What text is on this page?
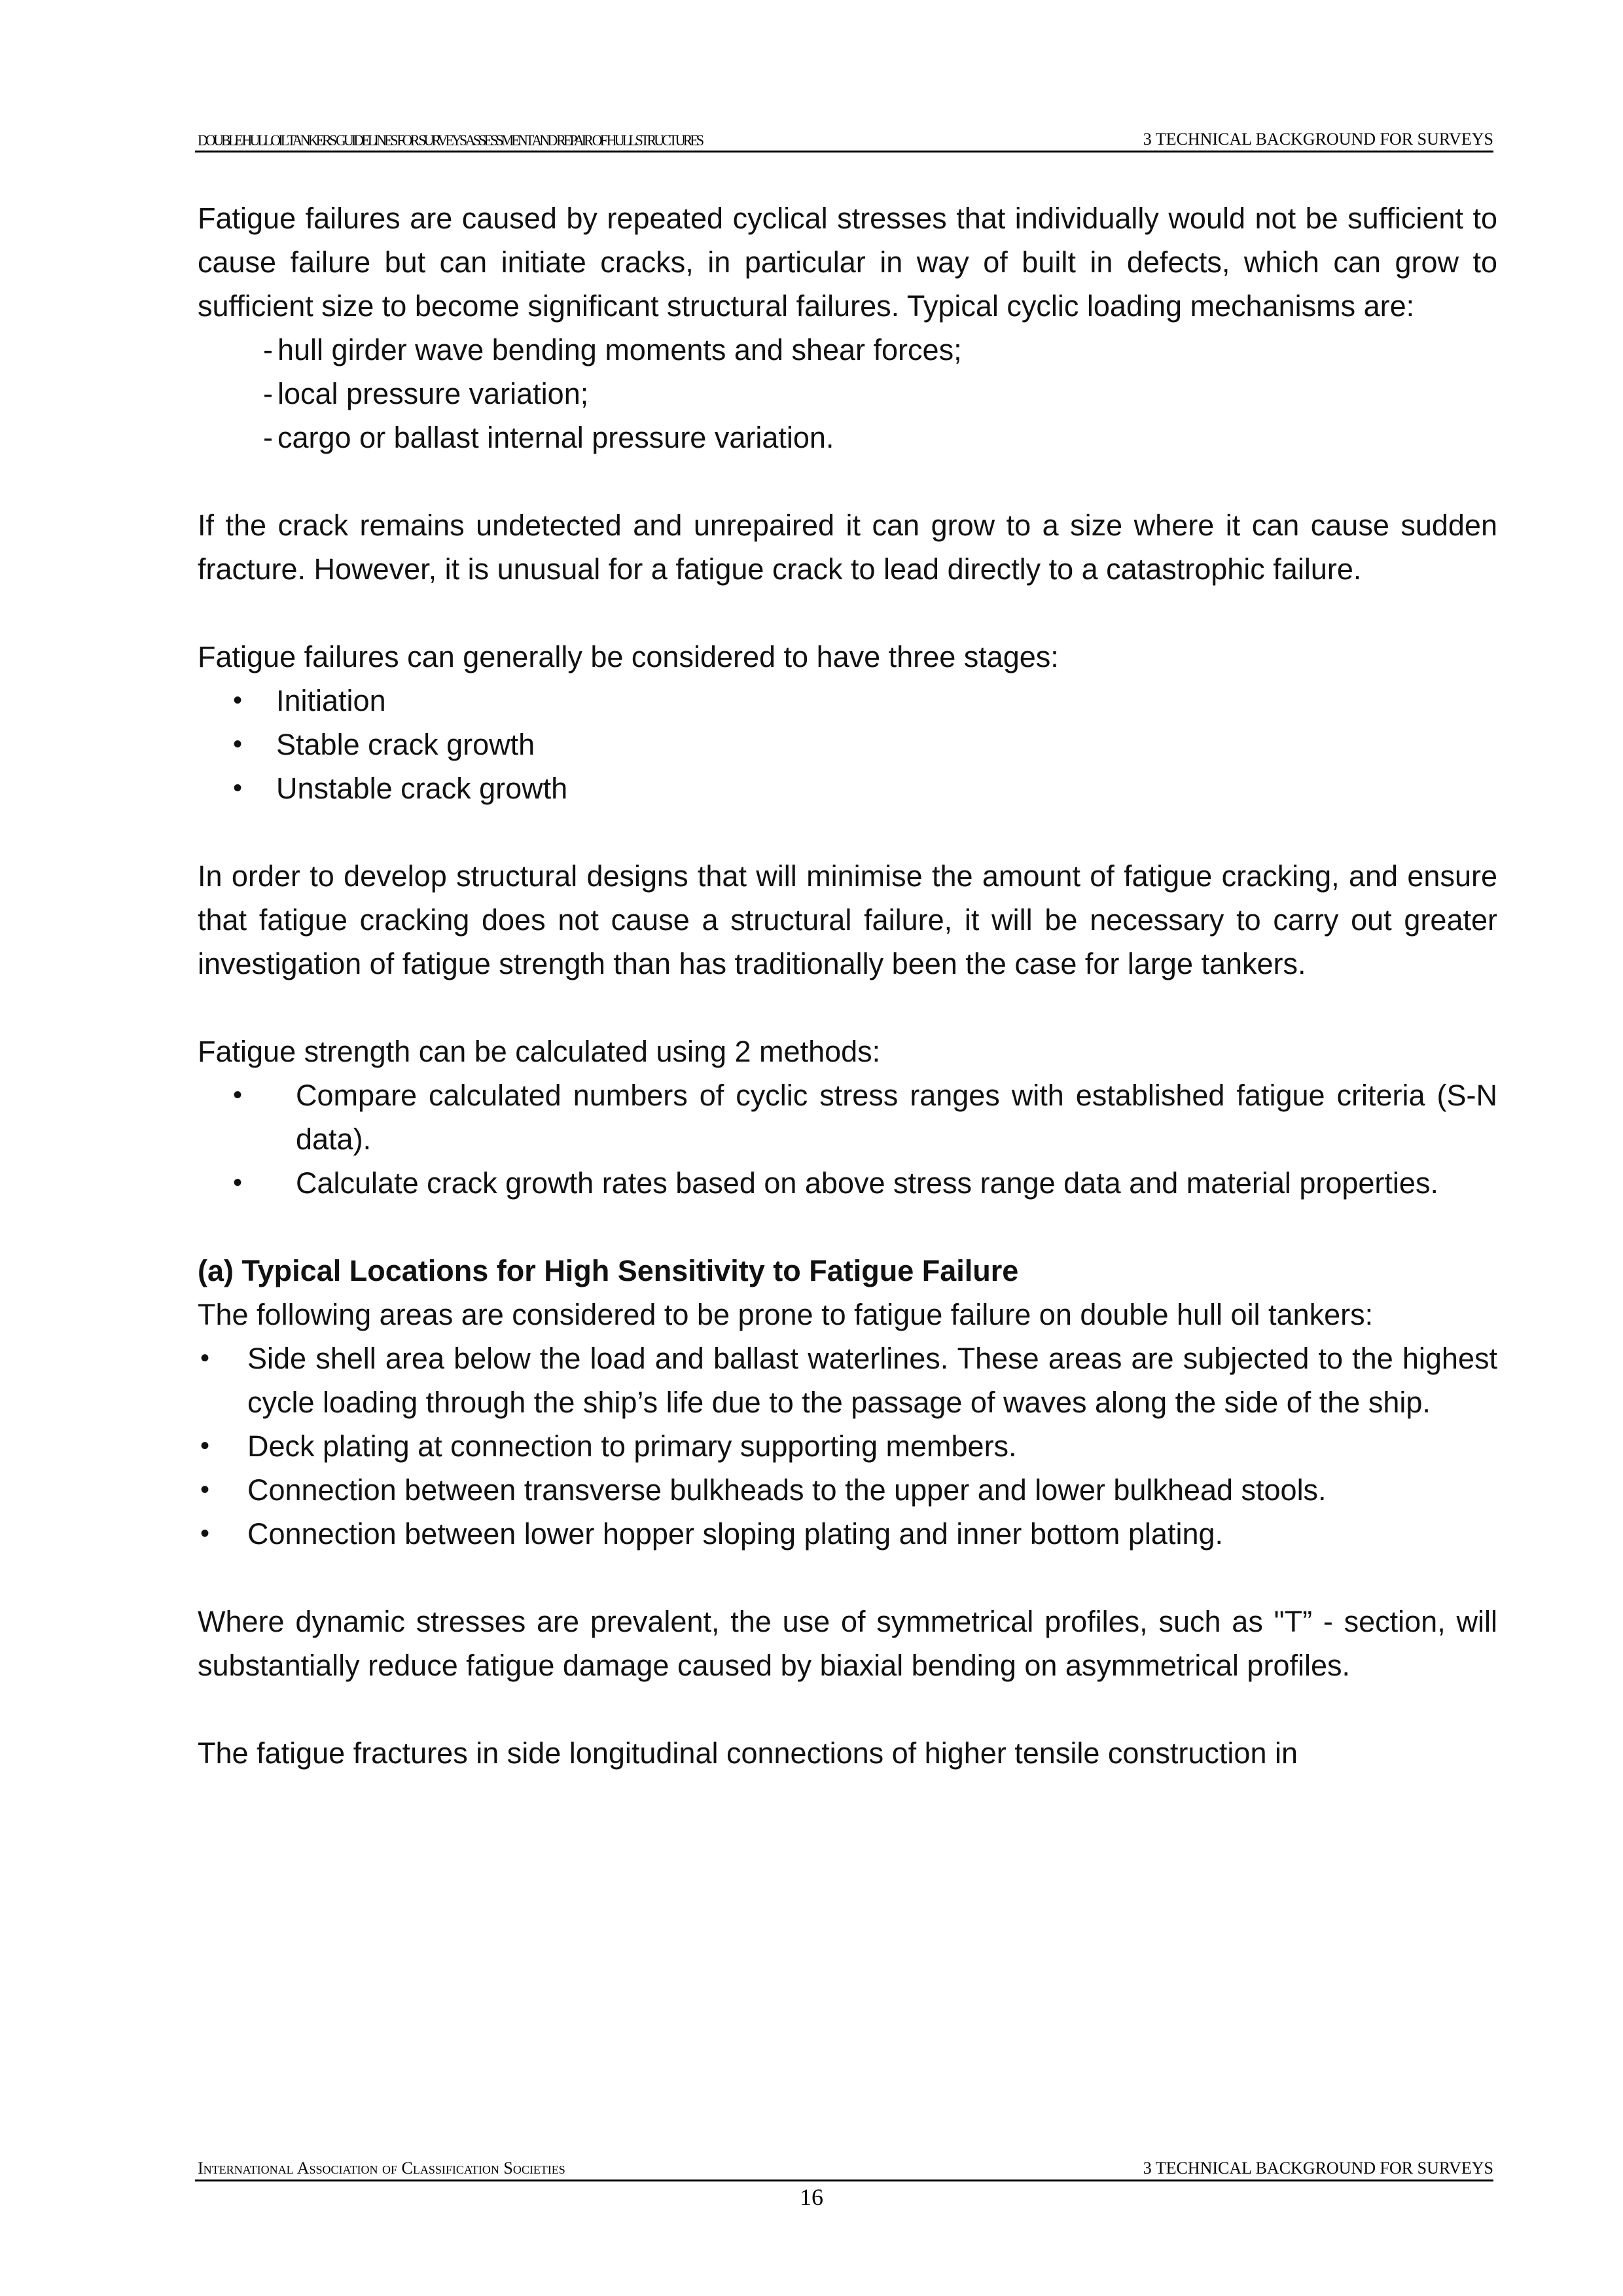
DOUBLE HULL OIL TANKERS GUIDELINES FOR SURVEYS ASSESSMENT AND REPAIR OF HULL STRUCTURES	3 TECHNICAL BACKGROUND FOR SURVEYS

Fatigue failures are caused by repeated cyclical stresses that individually would not be sufficient to cause failure but can initiate cracks, in particular in way of built in defects, which can grow to sufficient size to become significant structural failures. Typical cyclic loading mechanisms are:

- hull girder wave bending moments and shear forces;
- local pressure variation;
- cargo or ballast internal pressure variation.

If the crack remains undetected and unrepaired it can grow to a size where it can cause sudden fracture. However, it is unusual for a fatigue crack to lead directly to a catastrophic failure.

Fatigue failures can generally be considered to have three stages:

• Initiation
• Stable crack growth
• Unstable crack growth

In order to develop structural designs that will minimise the amount of fatigue cracking, and ensure that fatigue cracking does not cause a structural failure, it will be necessary to carry out greater investigation of fatigue strength than has traditionally been the case for large tankers.

Fatigue strength can be calculated using 2 methods:

• Compare calculated numbers of cyclic stress ranges with established fatigue criteria (S-N data).
• Calculate crack growth rates based on above stress range data and material properties.

(a) Typical Locations for High Sensitivity to Fatigue Failure

The following areas are considered to be prone to fatigue failure on double hull oil tankers:

• Side shell area below the load and ballast waterlines. These areas are subjected to the highest cycle loading through the ship’s life due to the passage of waves along the side of the ship.
• Deck plating at connection to primary supporting members.
• Connection between transverse bulkheads to the upper and lower bulkhead stools.
• Connection between lower hopper sloping plating and inner bottom plating.

Where dynamic stresses are prevalent, the use of symmetrical profiles, such as "T” - section, will substantially reduce fatigue damage caused by biaxial bending on asymmetrical profiles.

The fatigue fractures in side longitudinal connections of higher tensile construction in

International Association of Classification Societies	3 TECHNICAL BACKGROUND FOR SURVEYS
16
